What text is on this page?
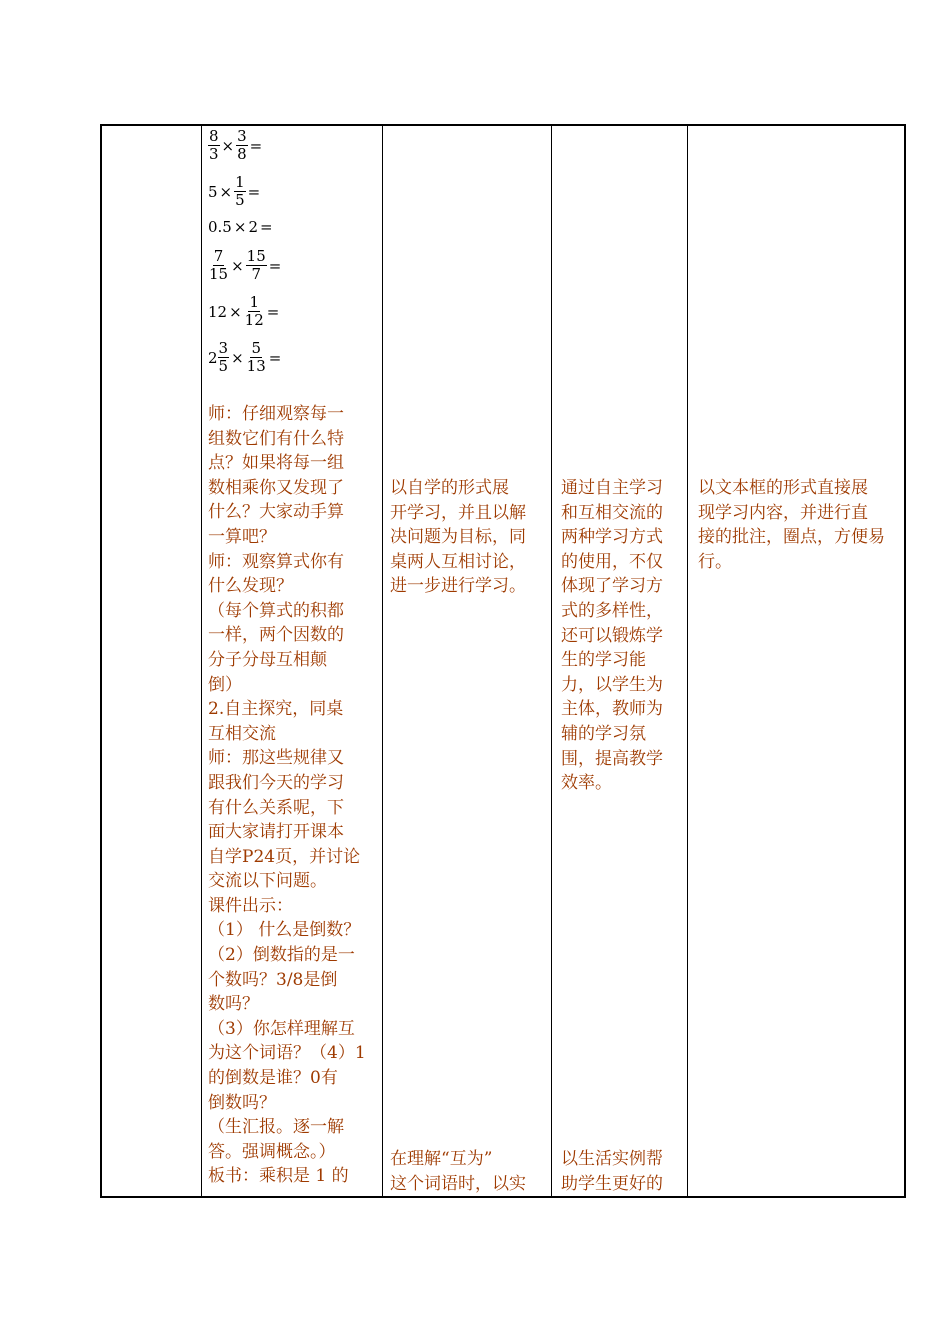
$\frac{8}{3} \times \frac{3}{8}$ =
$5 \times \frac{1}{5}$ =
0.5 × 2 =
$\frac{7}{15} \times \frac{15}{7}$ =
$12 \times \frac{1}{12}$ =
$2 \frac{3}{5} \times \frac{5}{13}$ =
师：仔细观察每一
组数它们有什么特
点？如果将每一组
数相乘你又发现了
什么？大家动手算
一算吧？
师：观察算式你有
什么发现？
（每个算式的积都
一样，两个因数的
分子分母互相颠
倒）
2.自主探究，同桌
互相交流
师：那这些规律又
跟我们今天的学习
有什么关系呢，下
面大家请打开课本
自学P24页，并讨论
交流以下问题。
课件出示：
（1） 什么是倒数？
（2）倒数指的是一
个数吗？3/8是倒
数吗？
（3）你怎样理解互
为这个词语？（4）1
的倒数是谁？0有
倒数吗？
（生汇报。逐一解
答。强调概念。）
板书：乘积是 1 的
以自学的形式展
开学习，并且以解
决问题为目标，同
桌两人互相讨论，
进一步进行学习。
在理解“互为”
这个词语时，以实
通过自主学习
和互相交流的
两种学习方式
的使用，不仅
体现了学习方
式的多样性，
还可以锻炼学
生的学习能
力，以学生为
主体，教师为
辅的学习氛
围，提高教学
效率。
以生活实例帮
助学生更好的
以文本框的形式直接展
现学习内容，并进行直
接的批注，圈点，方便易
行。
